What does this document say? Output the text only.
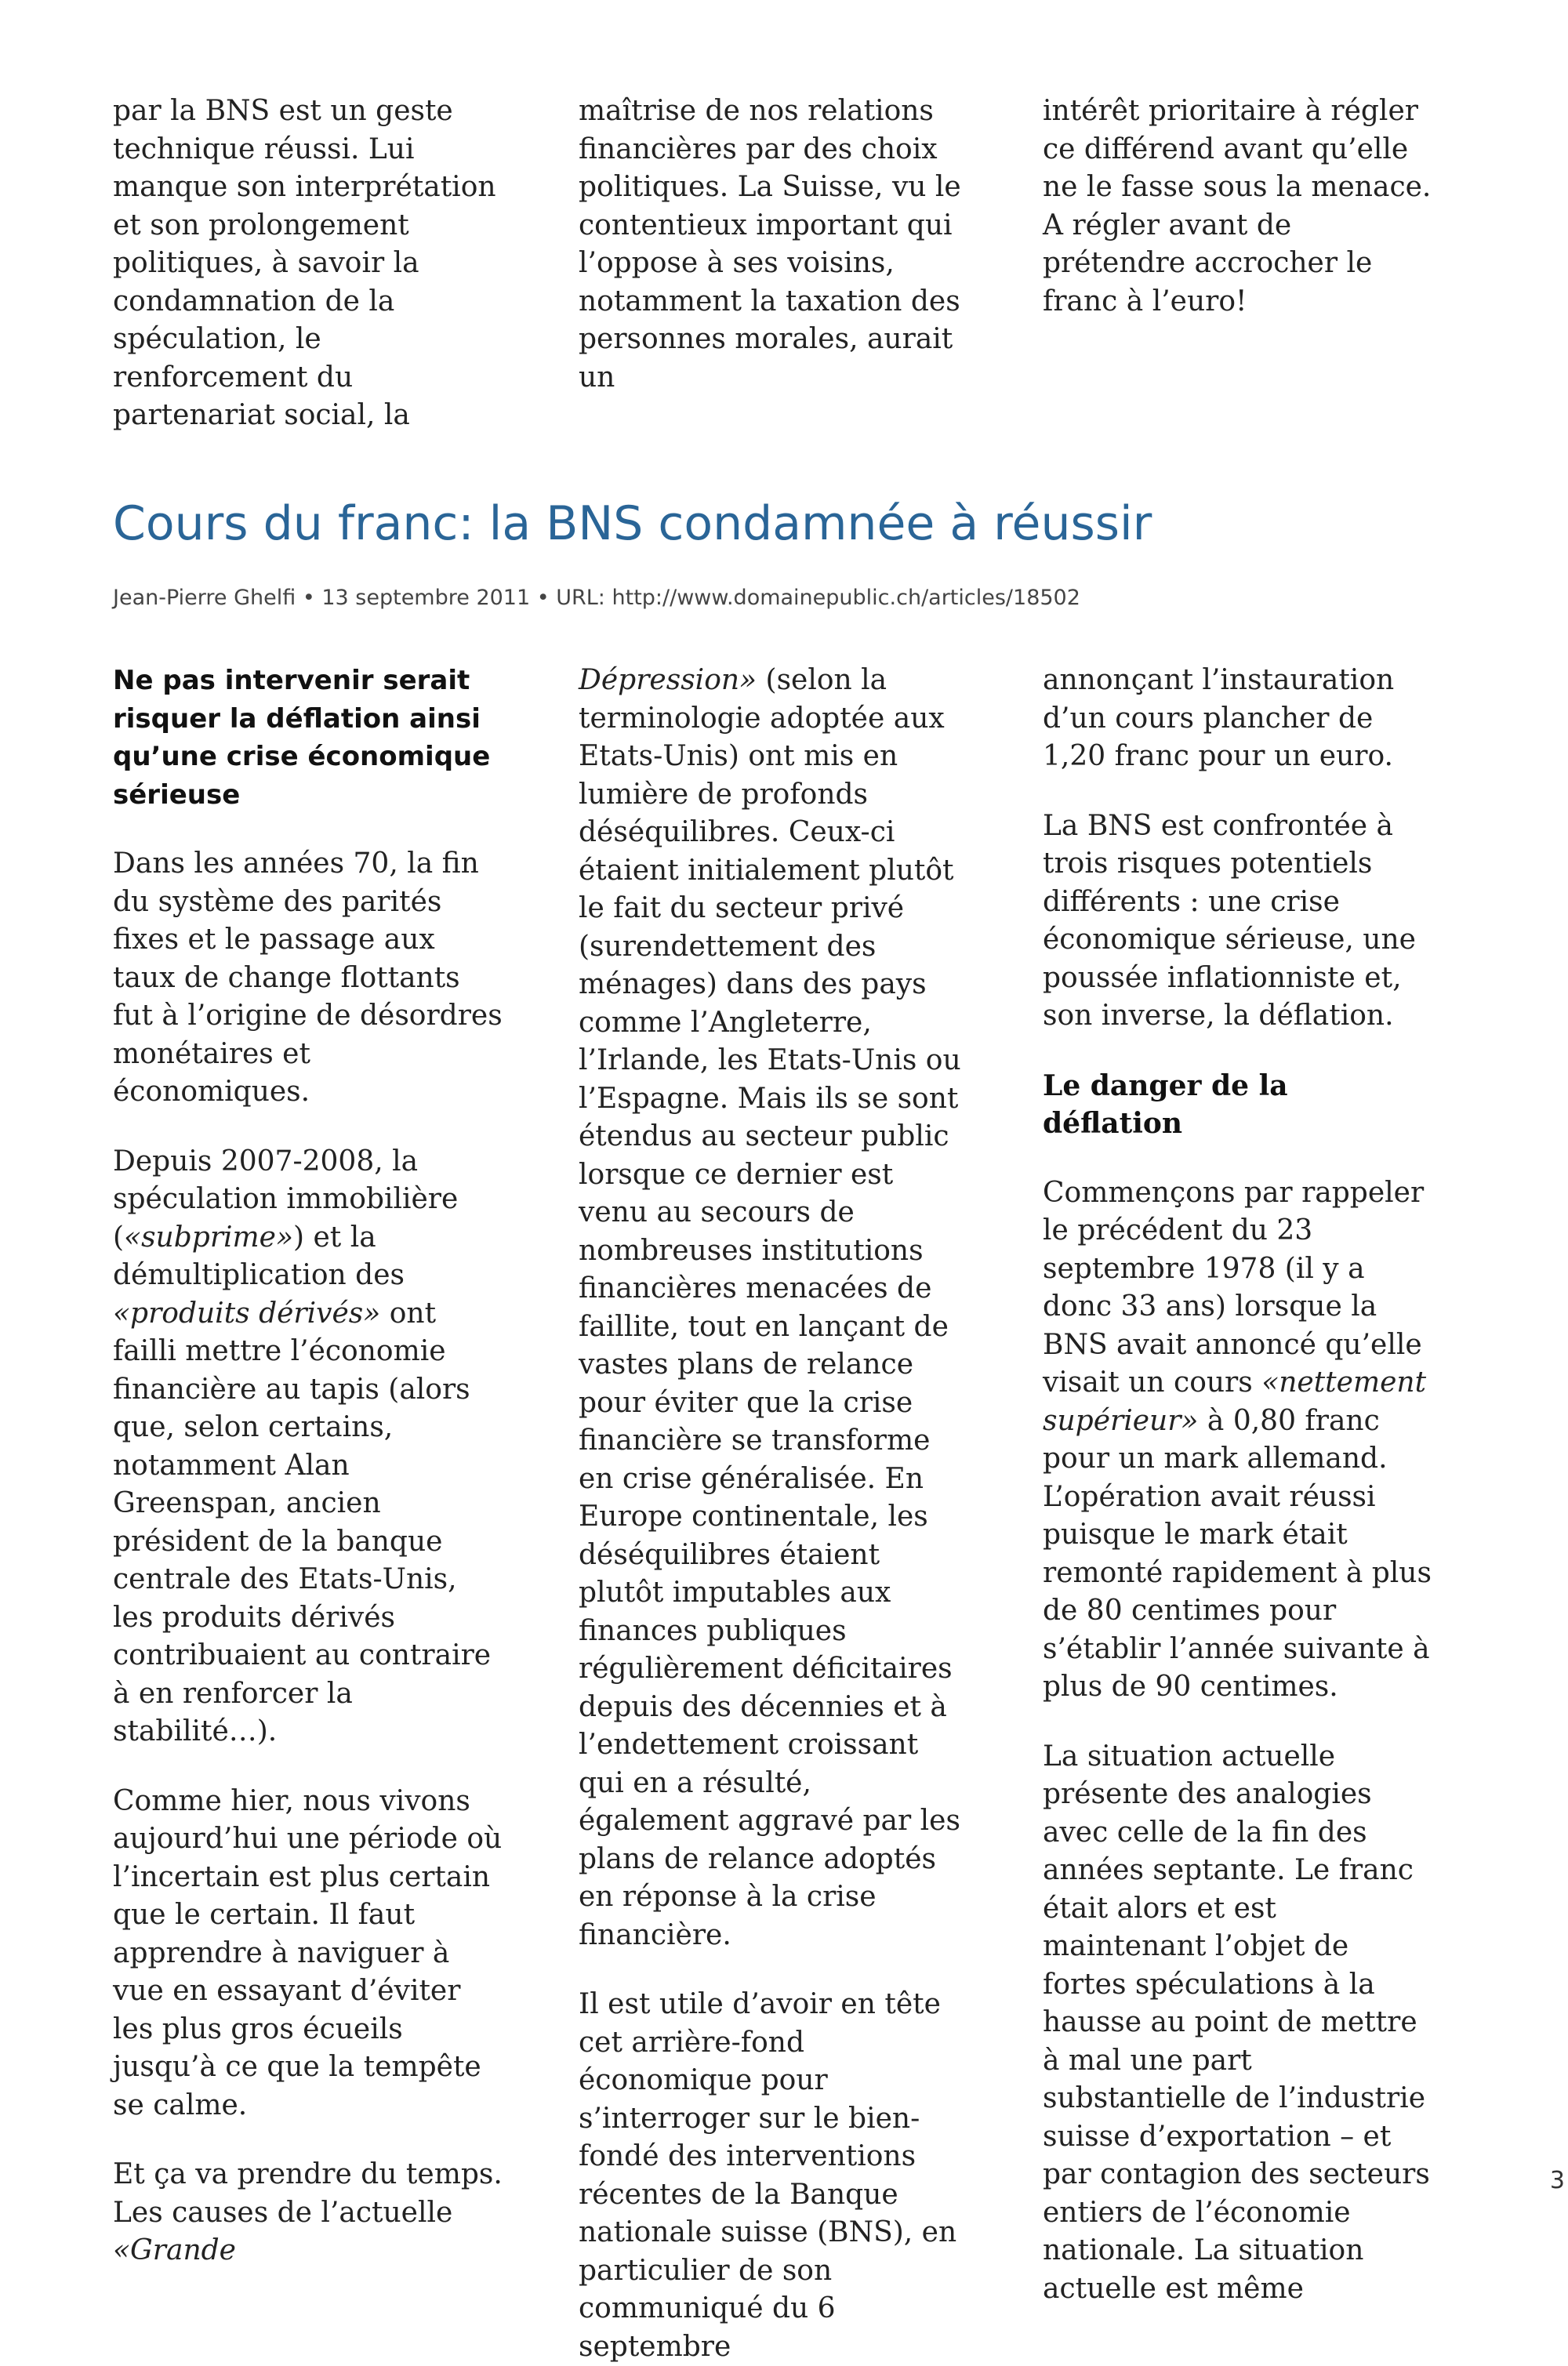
par la BNS est un geste technique réussi. Lui manque son interprétation et son prolongement politiques, à savoir la condamnation de la spéculation, le renforcement du partenariat social, la

maîtrise de nos relations financières par des choix politiques. La Suisse, vu le contentieux important qui l’oppose à ses voisins, notamment la taxation des personnes morales, aurait un

intérêt prioritaire à régler ce différend avant qu’elle ne le fasse sous la menace. A régler avant de prétendre accrocher le franc à l’euro!

Cours du franc: la BNS condamnée à réussir
Jean-Pierre Ghelfi • 13 septembre 2011 • URL: http://www.domainepublic.ch/articles/18502

Ne pas intervenir serait risquer la déflation ainsi qu’une crise économique sérieuse

Dans les années 70, la fin du système des parités fixes et le passage aux taux de change flottants fut à l’origine de désordres monétaires et économiques.

Depuis 2007-2008, la spéculation immobilière («subprime») et la démultiplication des «produits dérivés» ont failli mettre l’économie financière au tapis (alors que, selon certains, notamment Alan Greenspan, ancien président de la banque centrale des Etats-Unis, les produits dérivés contribuaient au contraire à en renforcer la stabilité…).

Comme hier, nous vivons aujourd’hui une période où l’incertain est plus certain que le certain. Il faut apprendre à naviguer à vue en essayant d’éviter les plus gros écueils jusqu’à ce que la tempête se calme.

Et ça va prendre du temps. Les causes de l’actuelle «Grande

Dépression» (selon la terminologie adoptée aux Etats-Unis) ont mis en lumière de profonds déséquilibres. Ceux-ci étaient initialement plutôt le fait du secteur privé (surendettement des ménages) dans des pays comme l’Angleterre, l’Irlande, les Etats-Unis ou l’Espagne. Mais ils se sont étendus au secteur public lorsque ce dernier est venu au secours de nombreuses institutions financières menacées de faillite, tout en lançant de vastes plans de relance pour éviter que la crise financière se transforme en crise généralisée. En Europe continentale, les déséquilibres étaient plutôt imputables aux finances publiques régulièrement déficitaires depuis des décennies et à l’endettement croissant qui en a résulté, également aggravé par les plans de relance adoptés en réponse à la crise financière.

Il est utile d’avoir en tête cet arrière-fond économique pour s’interroger sur le bien-fondé des interventions récentes de la Banque nationale suisse (BNS), en particulier de son communiqué du 6 septembre

annonçant l’instauration d’un cours plancher de 1,20 franc pour un euro.

La BNS est confrontée à trois risques potentiels différents : une crise économique sérieuse, une poussée inflationniste et, son inverse, la déflation.

Le danger de la déflation

Commençons par rappeler le précédent du 23 septembre 1978 (il y a donc 33 ans) lorsque la BNS avait annoncé qu’elle visait un cours «nettement supérieur» à 0,80 franc pour un mark allemand. L’opération avait réussi puisque le mark était remonté rapidement à plus de 80 centimes pour s’établir l’année suivante à plus de 90 centimes.

La situation actuelle présente des analogies avec celle de la fin des années septante. Le franc était alors et est maintenant l’objet de fortes spéculations à la hausse au point de mettre à mal une part substantielle de l’industrie suisse d’exportation – et par contagion des secteurs entiers de l’économie nationale. La situation actuelle est même

3
